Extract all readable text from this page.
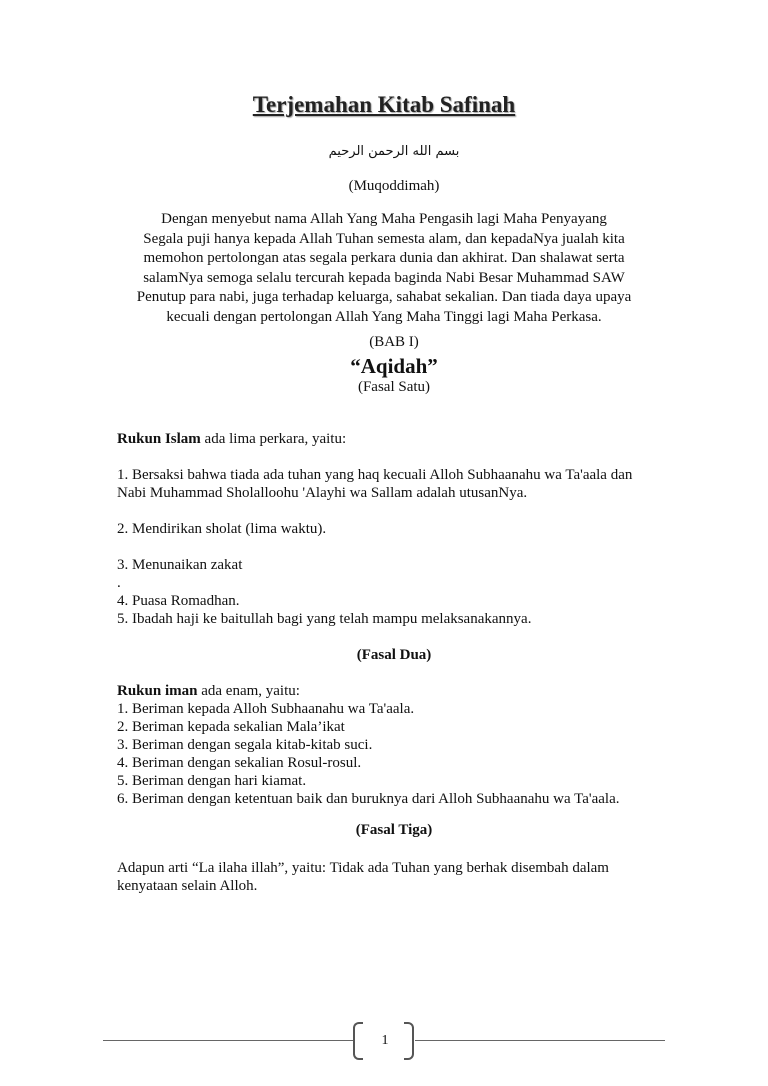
Terjemahan Kitab Safinah
بسم الله الرحمن الرحيم
(Muqoddimah)
Dengan menyebut nama Allah Yang Maha Pengasih lagi Maha Penyayang
Segala puji hanya kepada Allah Tuhan semesta alam, dan kepadaNya jualah kita
memohon pertolongan atas segala perkara dunia dan akhirat. Dan shalawat serta
salamNya semoga selalu tercurah kepada baginda Nabi Besar Muhammad SAW
Penutup para nabi, juga terhadap keluarga, sahabat sekalian. Dan tiada daya upaya
kecuali dengan pertolongan Allah Yang Maha Tinggi lagi Maha Perkasa.
(BAB I)
“Aqidah”
(Fasal Satu)

Rukun Islam ada lima perkara, yaitu:

1. Bersaksi bahwa tiada ada tuhan yang haq kecuali Alloh Subhaanahu wa Ta'aala dan

Nabi Muhammad Sholalloohu 'Alayhi wa Sallam adalah utusanNya.

2. Mendirikan sholat (lima waktu).

3. Menunaikan zakat

.

4. Puasa Romadhan.

5. Ibadah haji ke baitullah bagi yang telah mampu melaksanakannya.

(Fasal Dua)

Rukun iman ada enam, yaitu:

1. Beriman kepada Alloh Subhaanahu wa Ta'aala.

2. Beriman kepada sekalian Mala’ikat

3. Beriman dengan segala kitab-kitab suci.

4. Beriman dengan sekalian Rosul-rosul.

5. Beriman dengan hari kiamat.

6. Beriman dengan ketentuan baik dan buruknya dari Alloh Subhaanahu wa Ta'aala.

(Fasal Tiga)

Adapun arti “La ilaha illah”, yaitu: Tidak ada Tuhan yang berhak disembah dalam

kenyataan selain Alloh.

1
